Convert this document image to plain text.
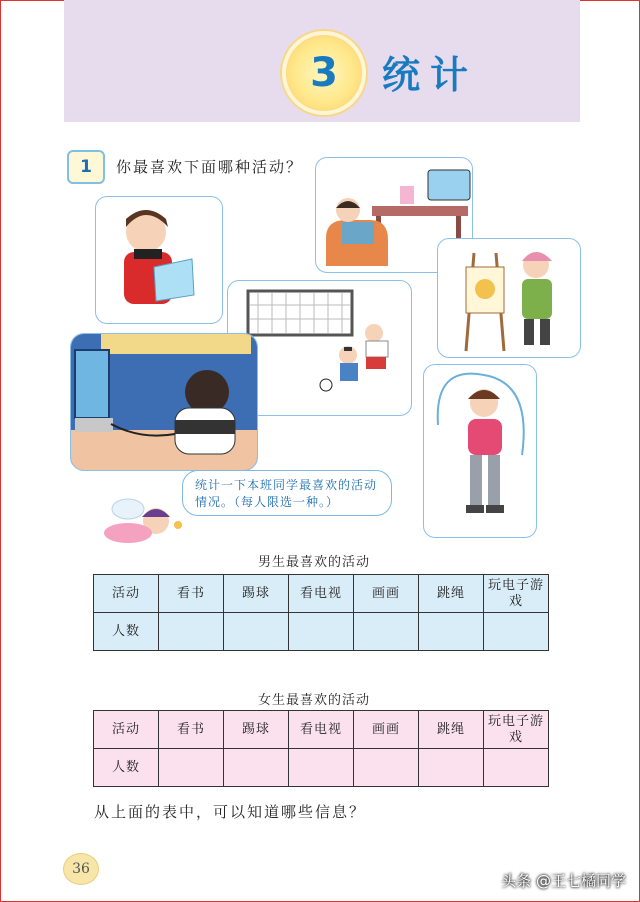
3	统计
1	你最喜欢下面哪种活动？
统计一下本班同学最喜欢的活动情况。（每人限选一种。）
男生最喜欢的活动
活动	看书	踢球	看电视	画画	跳绳	玩电子游戏
人数						
女生最喜欢的活动
活动	看书	踢球	看电视	画画	跳绳	玩电子游戏
人数						
从上面的表中，可以知道哪些信息？
36
头条 @王七橘同学
